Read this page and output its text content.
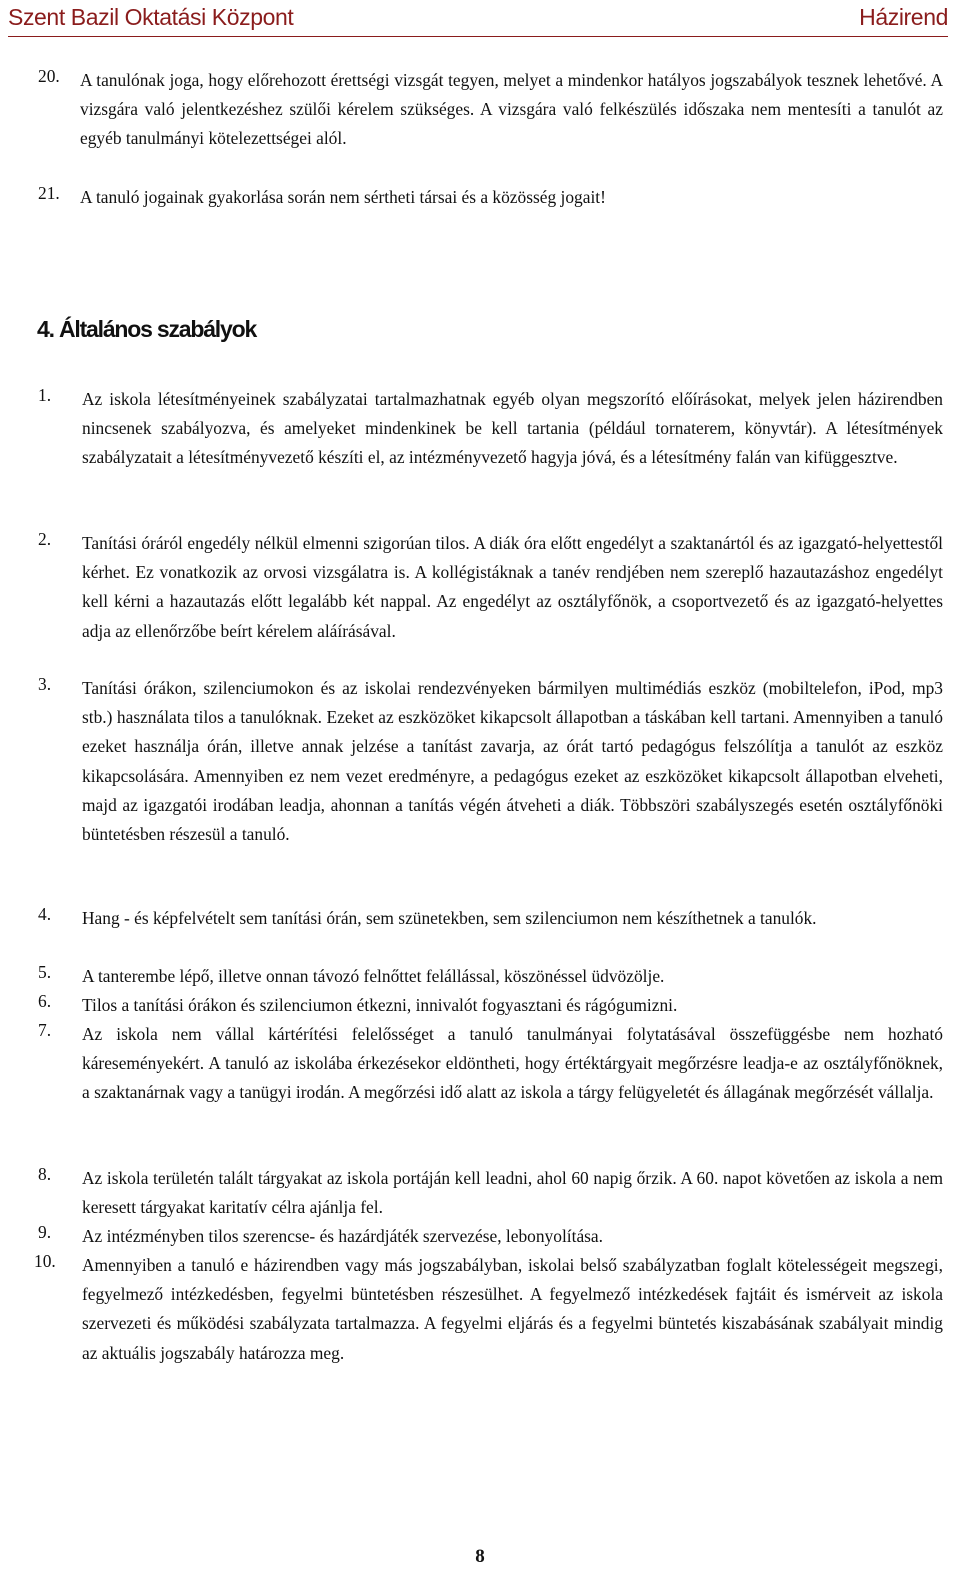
Szent Bazil Oktatási Központ	Házirend
20. A tanulónak joga, hogy előrehozott érettségi vizsgát tegyen, melyet a mindenkor hatályos jogszabályok tesznek lehetővé. A vizsgára való jelentkezéshez szülői kérelem szükséges. A vizsgára való felkészülés időszaka nem mentesíti a tanulót az egyéb tanulmányi kötelezettségei alól.
21. A tanuló jogainak gyakorlása során nem sértheti társai és a közösség jogait!
4. Általános szabályok
1. Az iskola létesítményeinek szabályzatai tartalmazhatnak egyéb olyan megszorító előírásokat, melyek jelen házirendben nincsenek szabályozva, és amelyeket mindenkinek be kell tartania (például tornaterem, könyvtár). A létesítmények szabályzatait a létesítményvezető készíti el, az intézményvezető hagyja jóvá, és a létesítmény falán van kifüggesztve.
2. Tanítási óráról engedély nélkül elmenni szigorúan tilos. A diák óra előtt engedélyt a szaktanártól és az igazgató-helyettestől kérhet. Ez vonatkozik az orvosi vizsgálatra is. A kollégistáknak a tanév rendjében nem szereplő hazautazáshoz engedélyt kell kérni a hazautazás előtt legalább két nappal. Az engedélyt az osztályfőnök, a csoportvezető és az igazgató-helyettes adja az ellenőrzőbe beírt kérelem aláírásával.
3. Tanítási órákon, szilenciumokon és az iskolai rendezvényeken bármilyen multimédiás eszköz (mobiltelefon, iPod, mp3 stb.) használata tilos a tanulóknak. Ezeket az eszközöket kikapcsolt állapotban a táskában kell tartani. Amennyiben a tanuló ezeket használja órán, illetve annak jelzése a tanítást zavarja, az órát tartó pedagógus felszólítja a tanulót az eszköz kikapcsolására. Amennyiben ez nem vezet eredményre, a pedagógus ezeket az eszközöket kikapcsolt állapotban elveheti, majd az igazgatói irodában leadja, ahonnan a tanítás végén átveheti a diák. Többszöri szabályszegés esetén osztályfőnöki büntetésben részesül a tanuló.
4. Hang - és képfelvételt sem tanítási órán, sem szünetekben, sem szilenciumon nem készíthetnek a tanulók.
5. A tanterembe lépő, illetve onnan távozó felnőttet felállással, köszönéssel üdvözölje.
6. Tilos a tanítási órákon és szilenciumon étkezni, innivalót fogyasztani és rágógumizni.
7. Az iskola nem vállal kártérítési felelősséget a tanuló tanulmányai folytatásával összefüggésbe nem hozható káreseményekért. A tanuló az iskolába érkezésekor eldöntheti, hogy értéktárgyait megőrzésre leadja-e az osztályfőnöknek, a szaktanárnak vagy a tanügyi irodán. A megőrzési idő alatt az iskola a tárgy felügyeletét és állagának megőrzését vállalja.
8. Az iskola területén talált tárgyakat az iskola portáján kell leadni, ahol 60 napig őrzik. A 60. napot követően az iskola a nem keresett tárgyakat karitatív célra ajánlja fel.
9. Az intézményben tilos szerencse- és hazárdjáték szervezése, lebonyolítása.
10. Amennyiben a tanuló e házirendben vagy más jogszabályban, iskolai belső szabályzatban foglalt kötelességeit megszegi, fegyelmező intézkedésben, fegyelmi büntetésben részesülhet. A fegyelmező intézkedések fajtáit és ismérveit az iskola szervezeti és működési szabályzata tartalmazza. A fegyelmi eljárás és a fegyelmi büntetés kiszabásának szabályait mindig az aktuális jogszabály határozza meg.
8
